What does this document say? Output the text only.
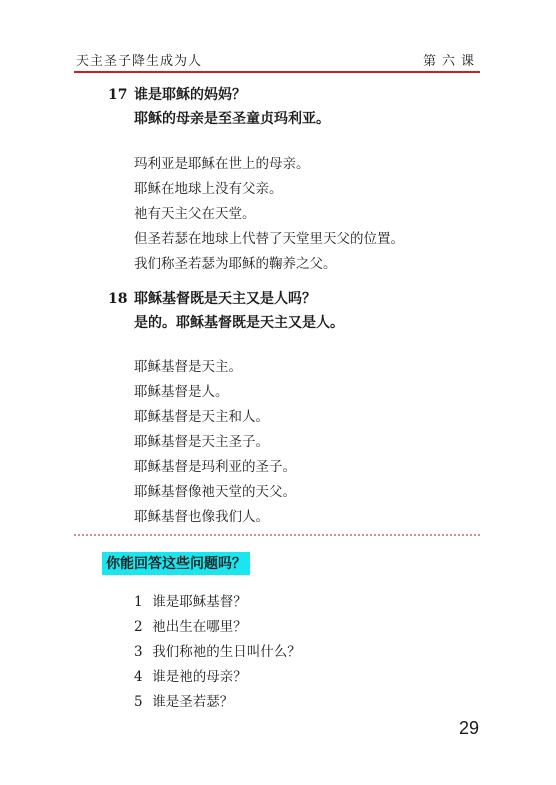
天主圣子降生成为人	第六课
17 谁是耶稣的妈妈？
耶稣的母亲是至圣童贞玛利亚。
玛利亚是耶稣在世上的母亲。
耶稣在地球上没有父亲。
祂有天主父在天堂。
但圣若瑟在地球上代替了天堂里天父的位置。
我们称圣若瑟为耶稣的鞠养之父。
18 耶稣基督既是天主又是人吗？
是的。耶稣基督既是天主又是人。
耶稣基督是天主。
耶稣基督是人。
耶稣基督是天主和人。
耶稣基督是天主圣子。
耶稣基督是玛利亚的圣子。
耶稣基督像祂天堂的天父。
耶稣基督也像我们人。
你能回答这些问题吗？
1 谁是耶稣基督？
2 祂出生在哪里？
3 我们称祂的生日叫什么？
4 谁是祂的母亲？
5 谁是圣若瑟？
29
